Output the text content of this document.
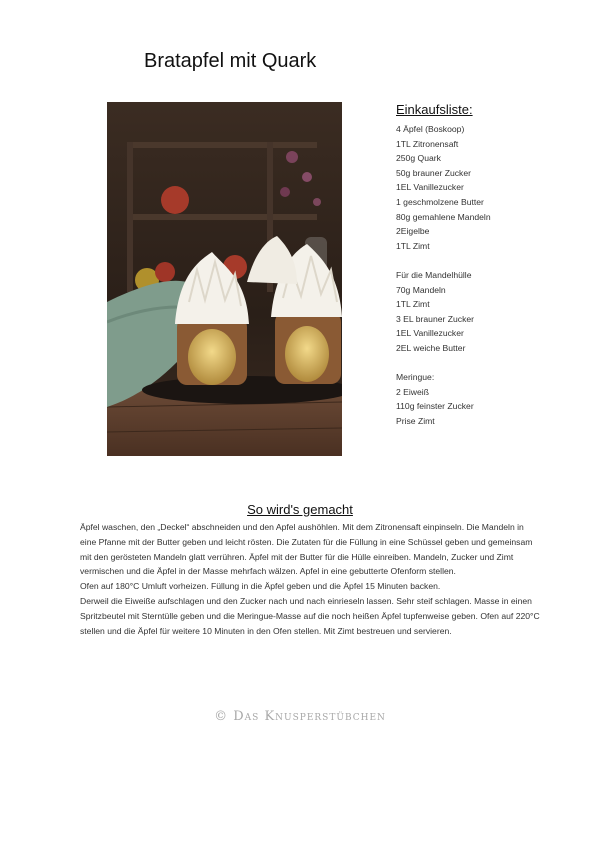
Bratapfel mit Quark
Einkaufsliste:
4 Äpfel (Boskoop)
1TL Zitronensaft
250g Quark
50g brauner Zucker
1EL Vanillezucker
1 geschmolzene Butter
80g gemahlene Mandeln
2Eigelbe
1TL Zimt
Für die Mandelhülle
70g Mandeln
1TL Zimt
3 EL brauner Zucker
1EL Vanillezucker
2EL weiche Butter
Meringue:
2 Eiweiß
110g feinster Zucker
Prise Zimt
So wird's gemacht

Äpfel waschen, den „Deckel“ abschneiden und den Apfel aushöhlen. Mit dem Zitronensaft einpinseln. Die Mandeln in eine Pfanne mit der Butter geben und leicht rösten. Die Zutaten für die Füllung in eine Schüssel geben und gemeinsam mit den gerösteten Mandeln glatt verrühren. Äpfel mit der Butter für die Hülle einreiben. Mandeln, Zucker und Zimt vermischen und die Äpfel in der Masse mehrfach wälzen. Apfel in eine gebutterte Ofenform stellen.

Ofen auf 180°C Umluft vorheizen. Füllung in die Äpfel geben und die Äpfel 15 Minuten backen.

Derweil die Eiweiße aufschlagen und den Zucker nach und nach einrieseln lassen. Sehr steif schlagen. Masse in einen Spritzbeutel mit Sterntülle geben und die Meringue-Masse auf die noch heißen Äpfel tupfenweise geben. Ofen auf 220°C stellen und die Äpfel für weitere 10 Minuten in den Ofen stellen. Mit Zimt bestreuen und servieren.

© Das Knusperstübchen
